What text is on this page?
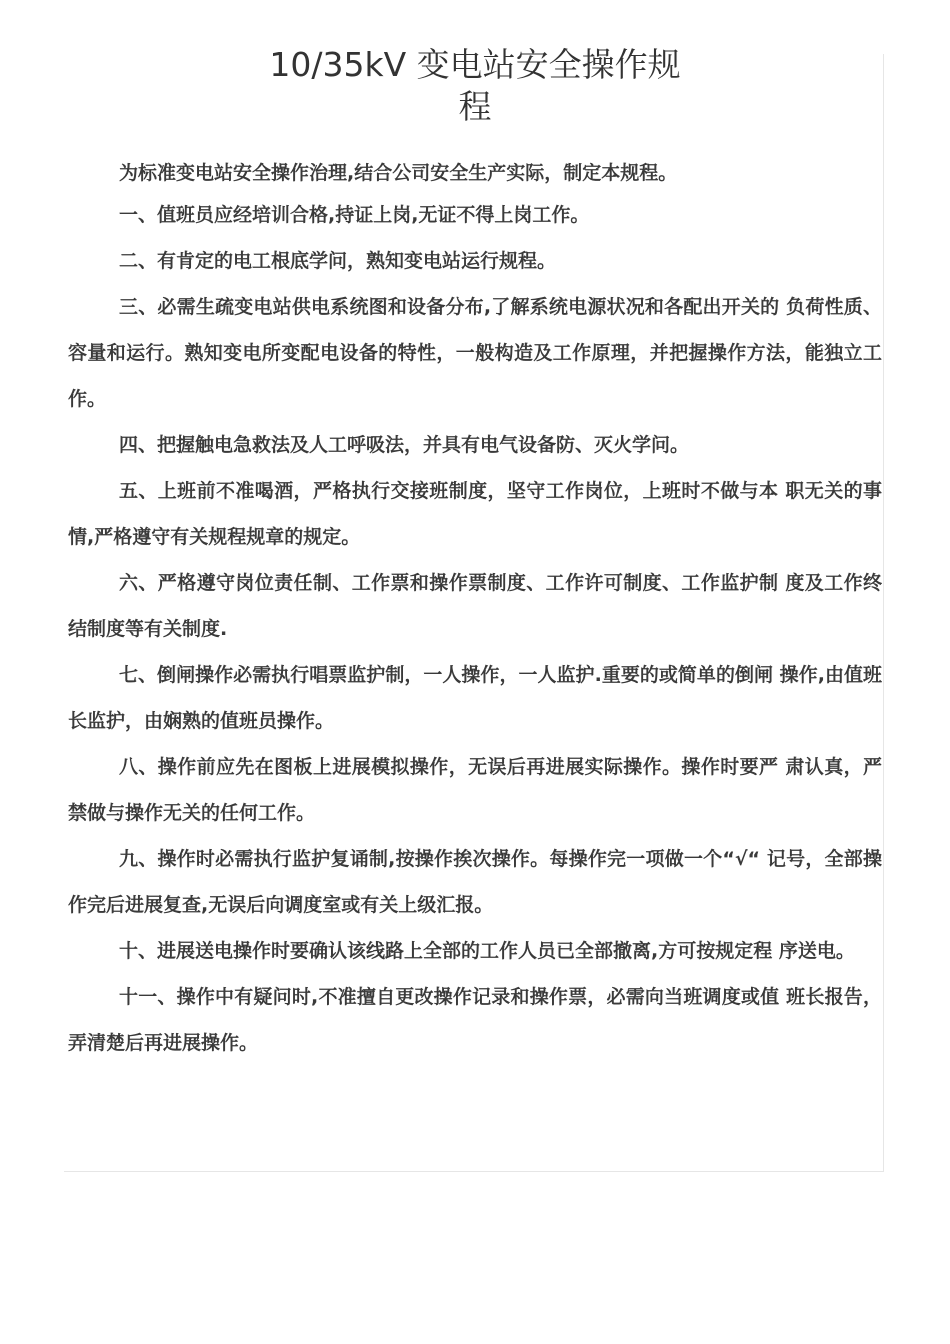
10/35kV 变电站安全操作规
程

为标准变电站安全操作治理,结合公司安全生产实际，制定本规程。

一、值班员应经培训合格,持证上岗,无证不得上岗工作。

二、有肯定的电工根底学问，熟知变电站运行规程。

三、必需生疏变电站供电系统图和设备分布,了解系统电源状况和各配出开关的 负荷性质、容量和运行。熟知变电所变配电设备的特性，一般构造及工作原理，并把握操作方法，能独立工作。

四、把握触电急救法及人工呼吸法，并具有电气设备防、灭火学问。

五、上班前不准喝酒，严格执行交接班制度，坚守工作岗位，上班时不做与本 职无关的事情,严格遵守有关规程规章的规定。

六、严格遵守岗位责任制、工作票和操作票制度、工作许可制度、工作监护制 度及工作终结制度等有关制度.

七、倒闸操作必需执行唱票监护制，一人操作，一人监护.重要的或简单的倒闸 操作,由值班长监护，由娴熟的值班员操作。

八、操作前应先在图板上进展模拟操作，无误后再进展实际操作。操作时要严 肃认真，严禁做与操作无关的任何工作。

九、操作时必需执行监护复诵制,按操作挨次操作。每操作完一项做一个“√“ 记号，全部操作完后进展复查,无误后向调度室或有关上级汇报。

十、进展送电操作时要确认该线路上全部的工作人员已全部撤离,方可按规定程 序送电。

十一、操作中有疑问时,不准擅自更改操作记录和操作票，必需向当班调度或值 班长报告，弄清楚后再进展操作。
